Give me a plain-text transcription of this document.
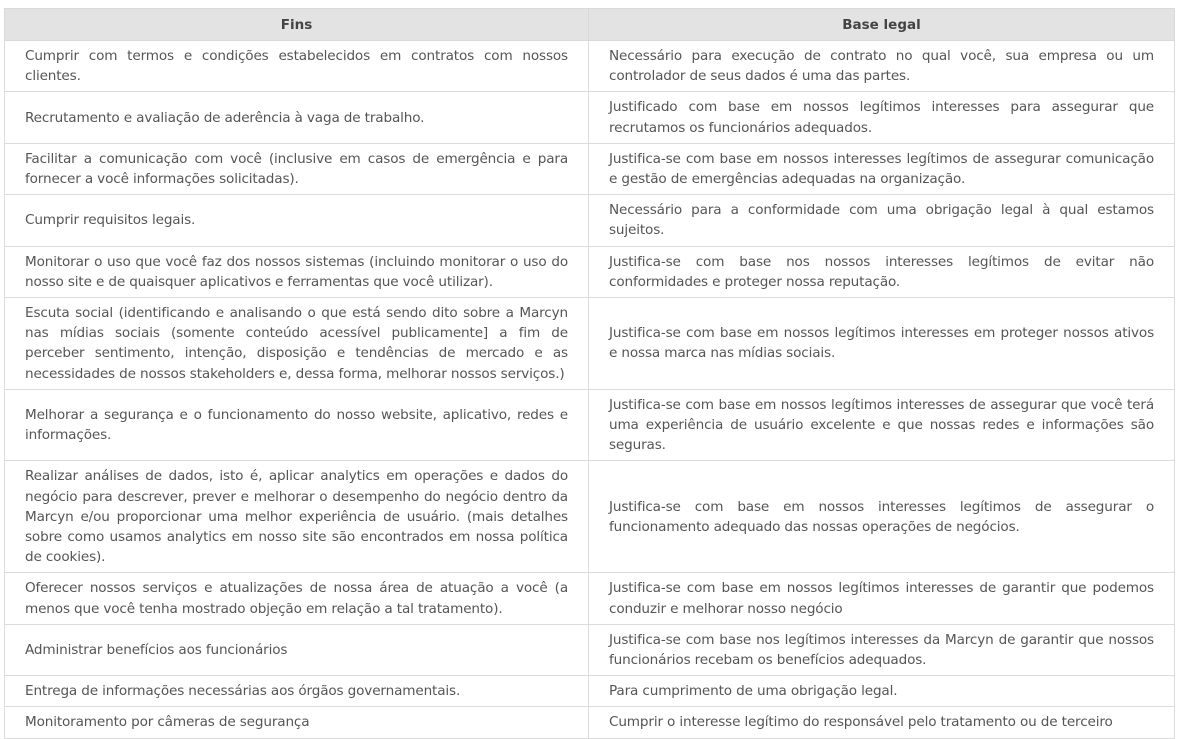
Fins	Base legal
Cumprir com termos e condições estabelecidos em contratos com nossos clientes.	Necessário para execução de contrato no qual você, sua empresa ou um controlador de seus dados é uma das partes.
Recrutamento e avaliação de aderência à vaga de trabalho.	Justificado com base em nossos legítimos interesses para assegurar que recrutamos os funcionários adequados.
Facilitar a comunicação com você (inclusive em casos de emergência e para fornecer a você informações solicitadas).	Justifica-se com base em nossos interesses legítimos de assegurar comunicação e gestão de emergências adequadas na organização.
Cumprir requisitos legais.	Necessário para a conformidade com uma obrigação legal à qual estamos sujeitos.
Monitorar o uso que você faz dos nossos sistemas (incluindo monitorar o uso do nosso site e de quaisquer aplicativos e ferramentas que você utilizar).	Justifica-se com base nos nossos interesses legítimos de evitar não conformidades e proteger nossa reputação.
Escuta social (identificando e analisando o que está sendo dito sobre a Marcyn nas mídias sociais (somente conteúdo acessível publicamente] a fim de perceber sentimento, intenção, disposição e tendências de mercado e as necessidades de nossos stakeholders e, dessa forma, melhorar nossos serviços.)	Justifica-se com base em nossos legítimos interesses em proteger nossos ativos e nossa marca nas mídias sociais.
Melhorar a segurança e o funcionamento do nosso website, aplicativo, redes e informações.	Justifica-se com base em nossos legítimos interesses de assegurar que você terá uma experiência de usuário excelente e que nossas redes e informações são seguras.
Realizar análises de dados, isto é, aplicar analytics em operações e dados do negócio para descrever, prever e melhorar o desempenho do negócio dentro da Marcyn e/ou proporcionar uma melhor experiência de usuário. (mais detalhes sobre como usamos analytics em nosso site são encontrados em nossa política de cookies).	Justifica-se com base em nossos interesses legítimos de assegurar o funcionamento adequado das nossas operações de negócios.
Oferecer nossos serviços e atualizações de nossa área de atuação a você (a menos que você tenha mostrado objeção em relação a tal tratamento).	Justifica-se com base em nossos legítimos interesses de garantir que podemos conduzir e melhorar nosso negócio
Administrar benefícios aos funcionários	Justifica-se com base nos legítimos interesses da Marcyn de garantir que nossos funcionários recebam os benefícios adequados.
Entrega de informações necessárias aos órgãos governamentais.	Para cumprimento de uma obrigação legal.
Monitoramento por câmeras de segurança	Cumprir o interesse legítimo do responsável pelo tratamento ou de terceiro
